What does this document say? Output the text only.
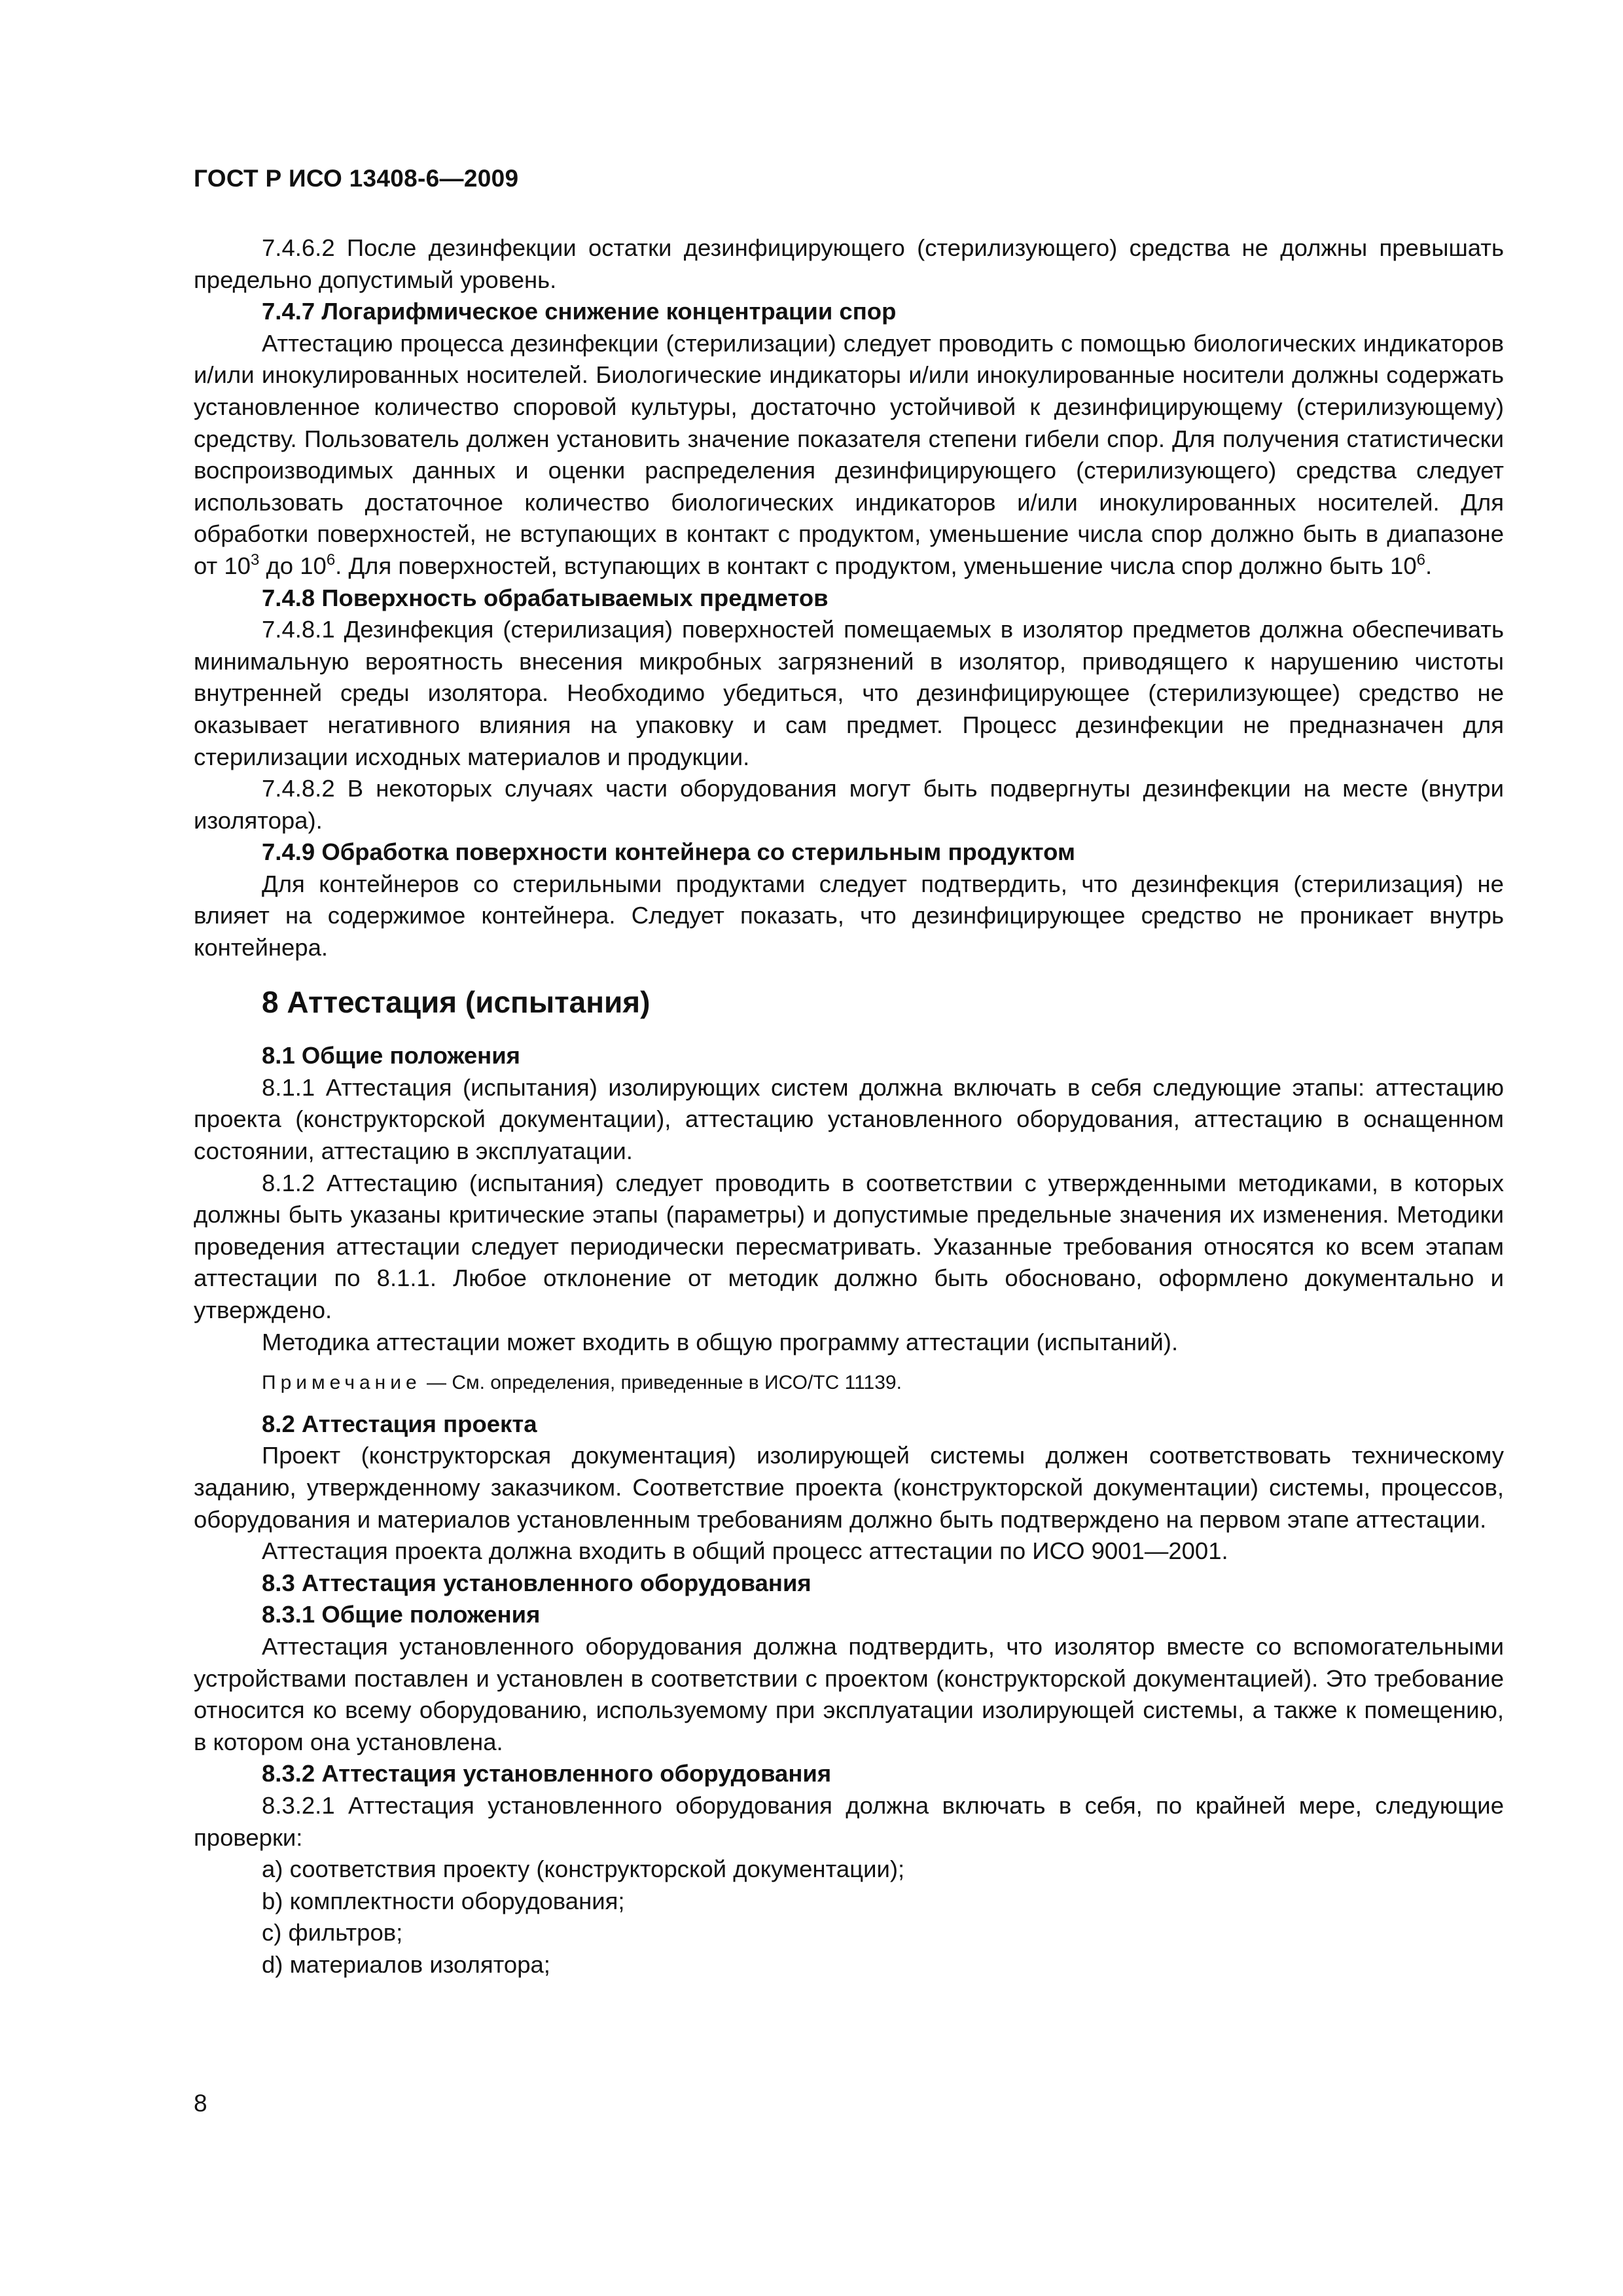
ГОСТ Р ИСО 13408-6—2009

7.4.6.2 После дезинфекции остатки дезинфицирующего (стерилизующего) средства не должны превышать предельно допустимый уровень.

7.4.7 Логарифмическое снижение концентрации спор

Аттестацию процесса дезинфекции (стерилизации) следует проводить с помощью биологических индикаторов и/или инокулированных носителей. Биологические индикаторы и/или инокулированные носители должны содержать установленное количество споровой культуры, достаточно устойчивой к дезинфицирующему (стерилизующему) средству. Пользователь должен установить значение показателя степени гибели спор. Для получения статистически воспроизводимых данных и оценки распределения дезинфицирующего (стерилизующего) средства следует использовать достаточное количество биологических индикаторов и/или инокулированных носителей. Для обработки поверхностей, не вступающих в контакт с продуктом, уменьшение числа спор должно быть в диапазоне от $10^3$ до $10^6$. Для поверхностей, вступающих в контакт с продуктом, уменьшение числа спор должно быть $10^6$.

7.4.8 Поверхность обрабатываемых предметов

7.4.8.1 Дезинфекция (стерилизация) поверхностей помещаемых в изолятор предметов должна обеспечивать минимальную вероятность внесения микробных загрязнений в изолятор, приводящего к нарушению чистоты внутренней среды изолятора. Необходимо убедиться, что дезинфицирующее (стерилизующее) средство не оказывает негативного влияния на упаковку и сам предмет. Процесс дезинфекции не предназначен для стерилизации исходных материалов и продукции.

7.4.8.2 В некоторых случаях части оборудования могут быть подвергнуты дезинфекции на месте (внутри изолятора).

7.4.9 Обработка поверхности контейнера со стерильным продуктом

Для контейнеров со стерильными продуктами следует подтвердить, что дезинфекция (стерилизация) не влияет на содержимое контейнера. Следует показать, что дезинфицирующее средство не проникает внутрь контейнера.

8 Аттестация (испытания)

8.1 Общие положения

8.1.1 Аттестация (испытания) изолирующих систем должна включать в себя следующие этапы: аттестацию проекта (конструкторской документации), аттестацию установленного оборудования, аттестацию в оснащенном состоянии, аттестацию в эксплуатации.

8.1.2 Аттестацию (испытания) следует проводить в соответствии с утвержденными методиками, в которых должны быть указаны критические этапы (параметры) и допустимые предельные значения их изменения. Методики проведения аттестации следует периодически пересматривать. Указанные требования относятся ко всем этапам аттестации по 8.1.1. Любое отклонение от методик должно быть обосновано, оформлено документально и утверждено.

Методика аттестации может входить в общую программу аттестации (испытаний).

Примечание — См. определения, приведенные в ИСО/ТС 11139.

8.2 Аттестация проекта

Проект (конструкторская документация) изолирующей системы должен соответствовать техническому заданию, утвержденному заказчиком. Соответствие проекта (конструкторской документации) системы, процессов, оборудования и материалов установленным требованиям должно быть подтверждено на первом этапе аттестации.

Аттестация проекта должна входить в общий процесс аттестации по ИСО 9001—2001.

8.3 Аттестация установленного оборудования

8.3.1 Общие положения

Аттестация установленного оборудования должна подтвердить, что изолятор вместе со вспомогательными устройствами поставлен и установлен в соответствии с проектом (конструкторской документацией). Это требование относится ко всему оборудованию, используемому при эксплуатации изолирующей системы, а также к помещению, в котором она установлена.

8.3.2 Аттестация установленного оборудования

8.3.2.1 Аттестация установленного оборудования должна включать в себя, по крайней мере, следующие проверки:

a) соответствия проекту (конструкторской документации);

b) комплектности оборудования;

c) фильтров;

d) материалов изолятора;

8
